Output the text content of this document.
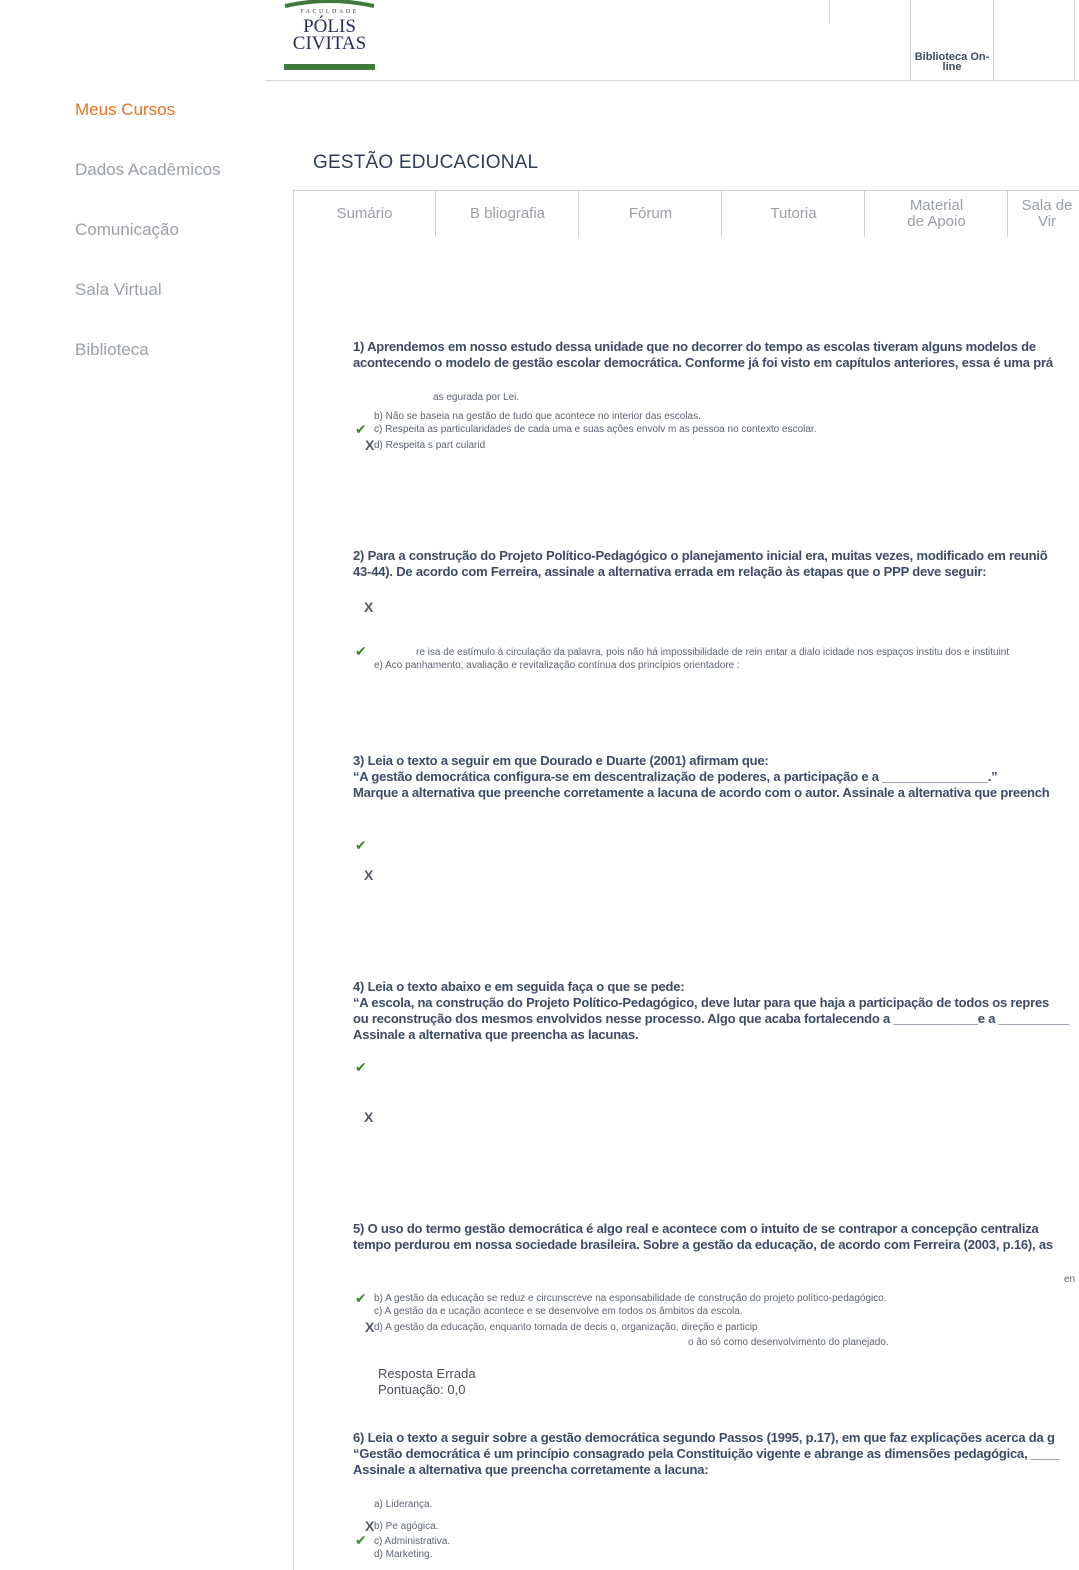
FACULDADE
PÓLIS
CIVITAS
Biblioteca On-line
Meus Cursos
Dados Acadêmicos
Comunicação
Sala Virtual
Biblioteca
GESTÃO EDUCACIONAL
Sumário	B bliografia	Fórum	Tutoria	Material de Apoio
Sala de Vir
1) Aprendemos em nosso estudo dessa unidade que no decorrer do tempo as escolas tiveram alguns modelos de
acontecendo o modelo de gestão escolar democrática. Conforme já foi visto em capítulos anteriores, essa é uma prá
as egurada por Lei.
b) Não se baseia na gestão de tudo que acontece no interior das escolas.
✔ c) Respeita as particularidades de cada uma e suas ações envolv m as pessoa no contexto escolar.
X d) Respeita s part cularid
2) Para a construção do Projeto Político-Pedagógico o planejamento inicial era, muitas vezes, modificado em reuniõ
43-44). De acordo com Ferreira, assinale a alternativa errada em relação às etapas que o PPP deve seguir:
X
✔	re isa de estímulo à circulação da palavra, pois não há impossibilidade de rein entar a dialo icidade nos espaços institu dos e instituint
e) Aco panhamento, avaliação e revitalização contínua dos princípios orientadore :
3) Leia o texto a seguir em que Dourado e Duarte (2001) afirmam que:
“A gestão democrática configura-se em descentralização de poderes, a participação e a _______________.”
Marque a alternativa que preenche corretamente a lacuna de acordo com o autor. Assinale a alternativa que preench
✔
X
4) Leia o texto abaixo e em seguida faça o que se pede:
“A escola, na construção do Projeto Político-Pedagógico, deve lutar para que haja a participação de todos os repres
ou reconstrução dos mesmos envolvidos nesse processo. Algo que acaba fortalecendo a ____________e a __________
Assinale a alternativa que preencha as lacunas.
✔
X
5) O uso do termo gestão democrática é algo real e acontece com o intuito de se contrapor a concepção centraliza
tempo perdurou em nossa sociedade brasileira. Sobre a gestão da educação, de acordo com Ferreira (2003, p.16), as
en
✔ b) A gestão da educação se reduz e circunscreve na esponsabilidade de construção do projeto político-pedagógico.
c) A gestão da e ucação acontece e se desenvolve em todos os âmbitos da escola.
X d) A gestão da educação, enquanto tomada de decis o, organização, direção e particip
o ão só como desenvolvimento do planejado.
Resposta Errada
Pontuação: 0,0
6) Leia o texto a seguir sobre a gestão democrática segundo Passos (1995, p.17), em que faz explicações acerca da g
“Gestão democrática é um princípio consagrado pela Constituição vigente e abrange as dimensões pedagógica, ____
Assinale a alternativa que preencha corretamente a lacuna:
a) Liderança.
X b) Pe agógica.
✔ c) Administrativa.
d) Marketing.
